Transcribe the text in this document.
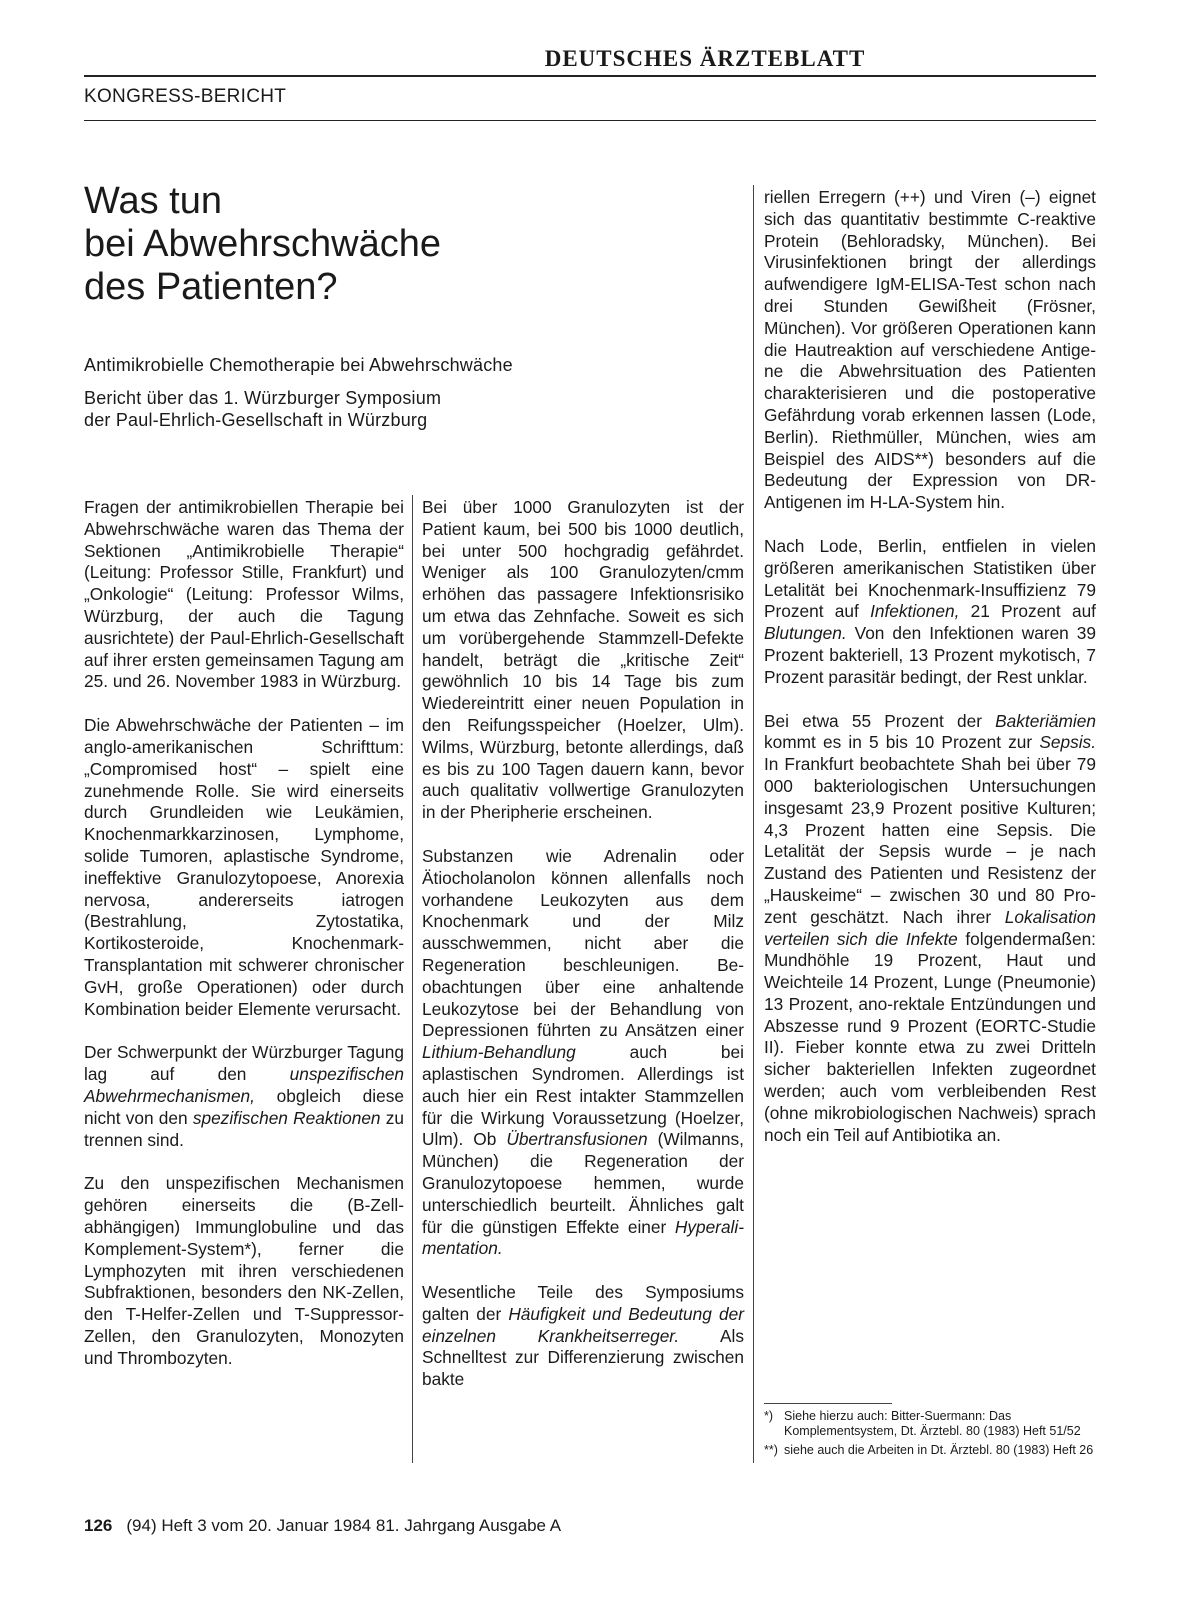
DEUTSCHES ÄRZTEBLATT
KONGRESS-BERICHT
Was tun
bei Abwehrschwäche
des Patienten?

Antimikrobielle Chemotherapie bei Abwehrschwäche

Bericht über das 1. Würzburger Symposium
der Paul-Ehrlich-Gesellschaft in Würzburg

Fragen der antimikrobiellen Therapie bei Abwehrschwäche waren das Thema der Sektionen „Antimikrobielle Therapie“ (Leitung: Professor Stille, Frankfurt) und „Onkologie“ (Leitung: Professor Wilms, Würzburg, der auch die Tagung ausrichtete) der Paul-Ehrlich-Gesellschaft auf ihrer ersten gemeinsamen Tagung am 25. und 26. November 1983 in Würzburg.

Die Abwehrschwäche der Patienten – im anglo-amerikanischen Schrifttum: „Compromised host“ – spielt eine zunehmende Rolle. Sie wird einerseits durch Grundleiden wie Leukämien, Knochenmarkkarzinosen, Lymphome, solide Tumoren, aplastische Syndrome, ineffektive Granulozytopoese, Anorexia nervosa, andererseits iatrogen (Bestrahlung, Zytostatika, Kortikosteroide, Knochenmark-Transplantation mit schwerer chronischer GvH, große Operationen) oder durch Kombination beider Elemente verursacht.

Der Schwerpunkt der Würzburger Tagung lag auf den unspezifischen Abwehrmechanismen, obgleich diese nicht von den spezifischen Reaktionen zu trennen sind.

Zu den unspezifischen Mechanismen gehören einerseits die (B-Zell-abhängigen) Immunglobuline und das Komplement-System*), ferner die Lymphozyten mit ihren verschiedenen Subfraktionen, besonders den NK-Zellen, den T-Helfer-Zellen und T-Suppressor-Zellen, den Granulozyten, Monozyten und Thrombozyten.

Bei über 1000 Granulozyten ist der Patient kaum, bei 500 bis 1000 deutlich, bei unter 500 hochgradig gefährdet. Weniger als 100 Granulozyten/cmm erhöhen das passagere Infektionsrisiko um etwa das Zehnfache. Soweit es sich um vorübergehende Stammzell-Defekte handelt, beträgt die „kritische Zeit“ gewöhnlich 10 bis 14 Tage bis zum Wiedereintritt einer neuen Population in den Reifungsspeicher (Hoelzer, Ulm). Wilms, Würzburg, betonte allerdings, daß es bis zu 100 Tagen dauern kann, bevor auch qualitativ vollwertige Granulozyten in der Pheripherie erscheinen.

Substanzen wie Adrenalin oder Ätiocholanolon können allenfalls noch vorhandene Leukozyten aus dem Knochenmark und der Milz ausschwemmen, nicht aber die Regeneration beschleunigen. Beobachtungen über eine anhaltende Leukozytose bei der Behandlung von Depressionen führten zu Ansätzen einer Lithium-Behandlung auch bei aplastischen Syndromen. Allerdings ist auch hier ein Rest intakter Stammzellen für die Wirkung Voraussetzung (Hoelzer, Ulm). Ob Übertransfusionen (Wilmanns, München) die Regeneration der Granulozytopoese hemmen, wurde unterschiedlich beurteilt. Ähnliches galt für die günstigen Effekte einer Hyperalimentation.

Wesentliche Teile des Symposiums galten der Häufigkeit und Bedeutung der einzelnen Krankheitserreger. Als Schnelltest zur Differenzierung zwischen bakte

riellen Erregern (++) und Viren (–) eignet sich das quantitativ bestimmte C-reaktive Protein (Behloradsky, München). Bei Virusinfektionen bringt der allerdings aufwendigere IgM-ELISA-Test schon nach drei Stunden Gewißheit (Frösner, München). Vor größeren Operationen kann die Hautreaktion auf verschiedene Antigene die Abwehrsituation des Patienten charakterisieren und die postoperative Gefährdung vorab erkennen lassen (Lode, Berlin). Riethmüller, München, wies am Beispiel des AIDS**) besonders auf die Bedeutung der Expression von DR-Antigenen im H-LA-System hin.

Nach Lode, Berlin, entfielen in vielen größeren amerikanischen Statistiken über Letalität bei Knochenmark-Insuffizienz 79 Prozent auf Infektionen, 21 Prozent auf Blutungen. Von den Infektionen waren 39 Prozent bakteriell, 13 Prozent mykotisch, 7 Prozent parasitär bedingt, der Rest unklar.

Bei etwa 55 Prozent der Bakteriämien kommt es in 5 bis 10 Prozent zur Sepsis. In Frankfurt beobachtete Shah bei über 79 000 bakteriologischen Untersuchungen insgesamt 23,9 Prozent positive Kulturen; 4,3 Prozent hatten eine Sepsis. Die Letalität der Sepsis wurde – je nach Zustand des Patienten und Resistenz der „Hauskeime“ – zwischen 30 und 80 Prozent geschätzt. Nach ihrer Lokalisation verteilen sich die Infekte folgendermaßen: Mundhöhle 19 Prozent, Haut und Weichteile 14 Prozent, Lunge (Pneumonie) 13 Prozent, ano-rektale Entzündungen und Abszesse rund 9 Prozent (EORTC-Studie II). Fieber konnte etwa zu zwei Dritteln sicher bakteriellen Infekten zugeordnet werden; auch vom verbleibenden Rest (ohne mikrobiologischen Nachweis) sprach noch ein Teil auf Antibiotika an.

*) Siehe hierzu auch: Bitter-Suermann: Das Komplementsystem, Dt. Ärztebl. 80 (1983) Heft 51/52
**) siehe auch die Arbeiten in Dt. Ärztebl. 80 (1983) Heft 26
126 (94) Heft 3 vom 20. Januar 1984 81. Jahrgang Ausgabe A
